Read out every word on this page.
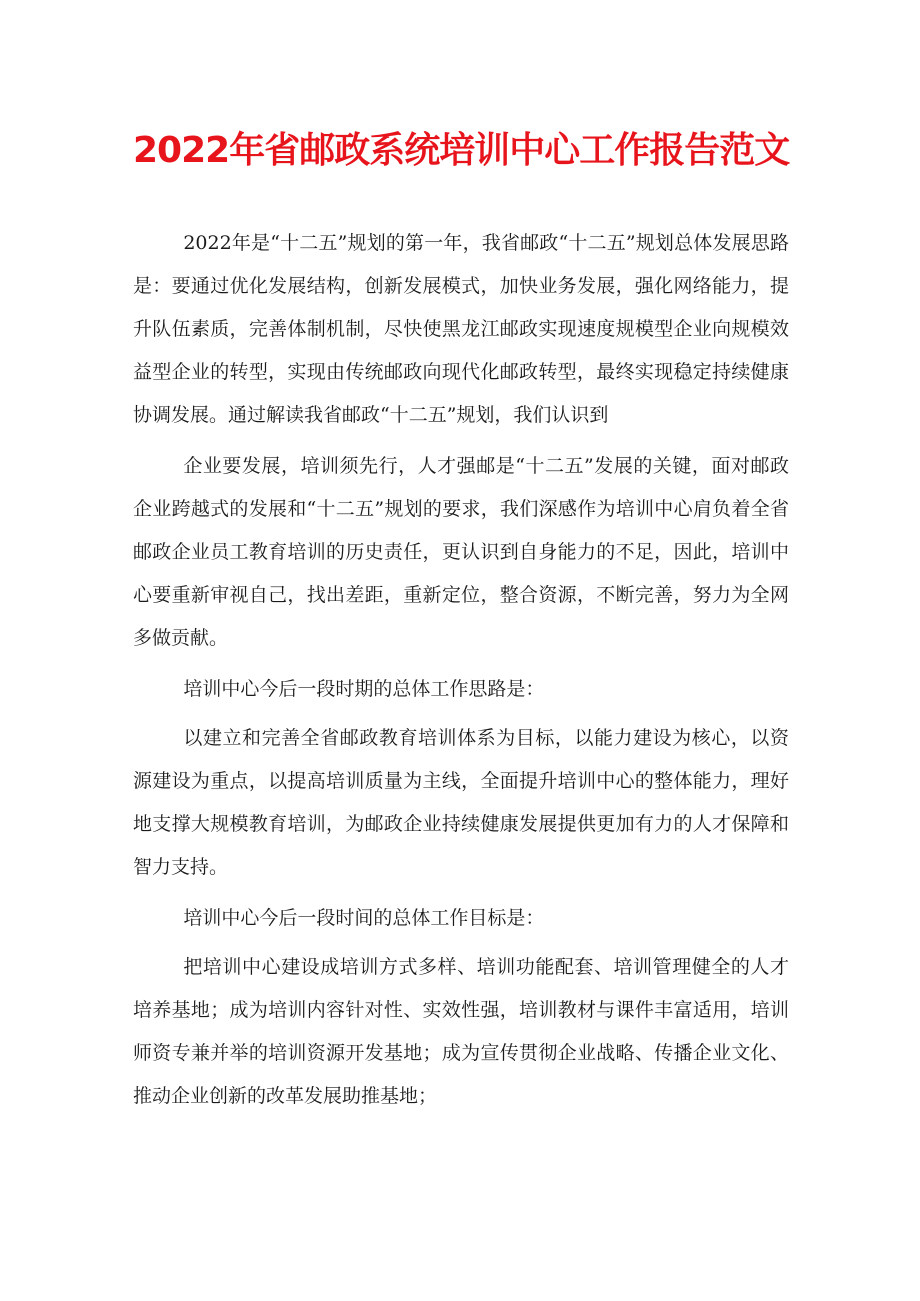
2022年省邮政系统培训中心工作报告范文

2022年是“十二五”规划的第一年，我省邮政“十二五”规划总体发展思路是：要通过优化发展结构，创新发展模式，加快业务发展，强化网络能力，提升队伍素质，完善体制机制，尽快使黑龙江邮政实现速度规模型企业向规模效益型企业的转型，实现由传统邮政向现代化邮政转型，最终实现稳定持续健康协调发展。通过解读我省邮政“十二五”规划，我们认识到

企业要发展，培训须先行，人才强邮是“十二五”发展的关键，面对邮政企业跨越式的发展和“十二五”规划的要求，我们深感作为培训中心肩负着全省邮政企业员工教育培训的历史责任，更认识到自身能力的不足，因此，培训中心要重新审视自己，找出差距，重新定位，整合资源，不断完善，努力为全网多做贡献。

培训中心今后一段时期的总体工作思路是：

以建立和完善全省邮政教育培训体系为目标，以能力建设为核心，以资源建设为重点，以提高培训质量为主线，全面提升培训中心的整体能力，理好地支撑大规模教育培训，为邮政企业持续健康发展提供更加有力的人才保障和智力支持。

培训中心今后一段时间的总体工作目标是：

把培训中心建设成培训方式多样、培训功能配套、培训管理健全的人才培养基地；成为培训内容针对性、实效性强，培训教材与课件丰富适用，培训师资专兼并举的培训资源开发基地；成为宣传贯彻企业战略、传播企业文化、推动企业创新的改革发展助推基地；
